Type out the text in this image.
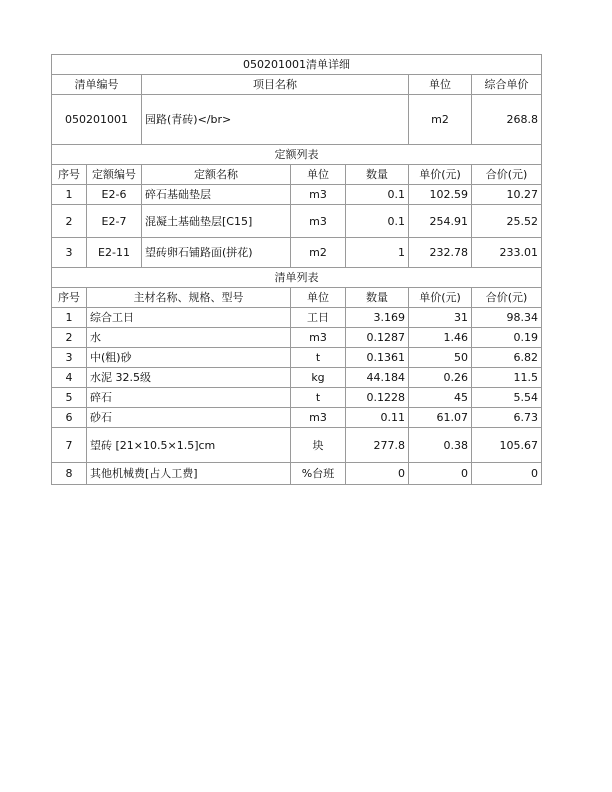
050201001清单详细						
清单编号		项目名称			单位	综合单价
050201001		园路(青砖)</br>			m2	268.8
定额列表						
序号	定额编号	定额名称	单位	数量	单价(元)	合价(元)
1	E2-6	碎石基础垫层	m3	0.1	102.59	10.27
2	E2-7	混凝土基础垫层[C15]	m3	0.1	254.91	25.52
3	E2-11	望砖卵石铺路面(拼花)	m2	1	232.78	233.01
清单列表						
序号	主材名称、规格、型号		单位	数量	单价(元)	合价(元)
1	综合工日		工日	3.169	31	98.34
2	水		m3	0.1287	1.46	0.19
3	中(粗)砂		t	0.1361	50	6.82
4	水泥 32.5级		kg	44.184	0.26	11.5
5	碎石		t	0.1228	45	5.54
6	砂石		m3	0.11	61.07	6.73
7	望砖 [21×10.5×1.5]cm		块	277.8	0.38	105.67
8	其他机械费[占人工费]		%台班	0	0	0
